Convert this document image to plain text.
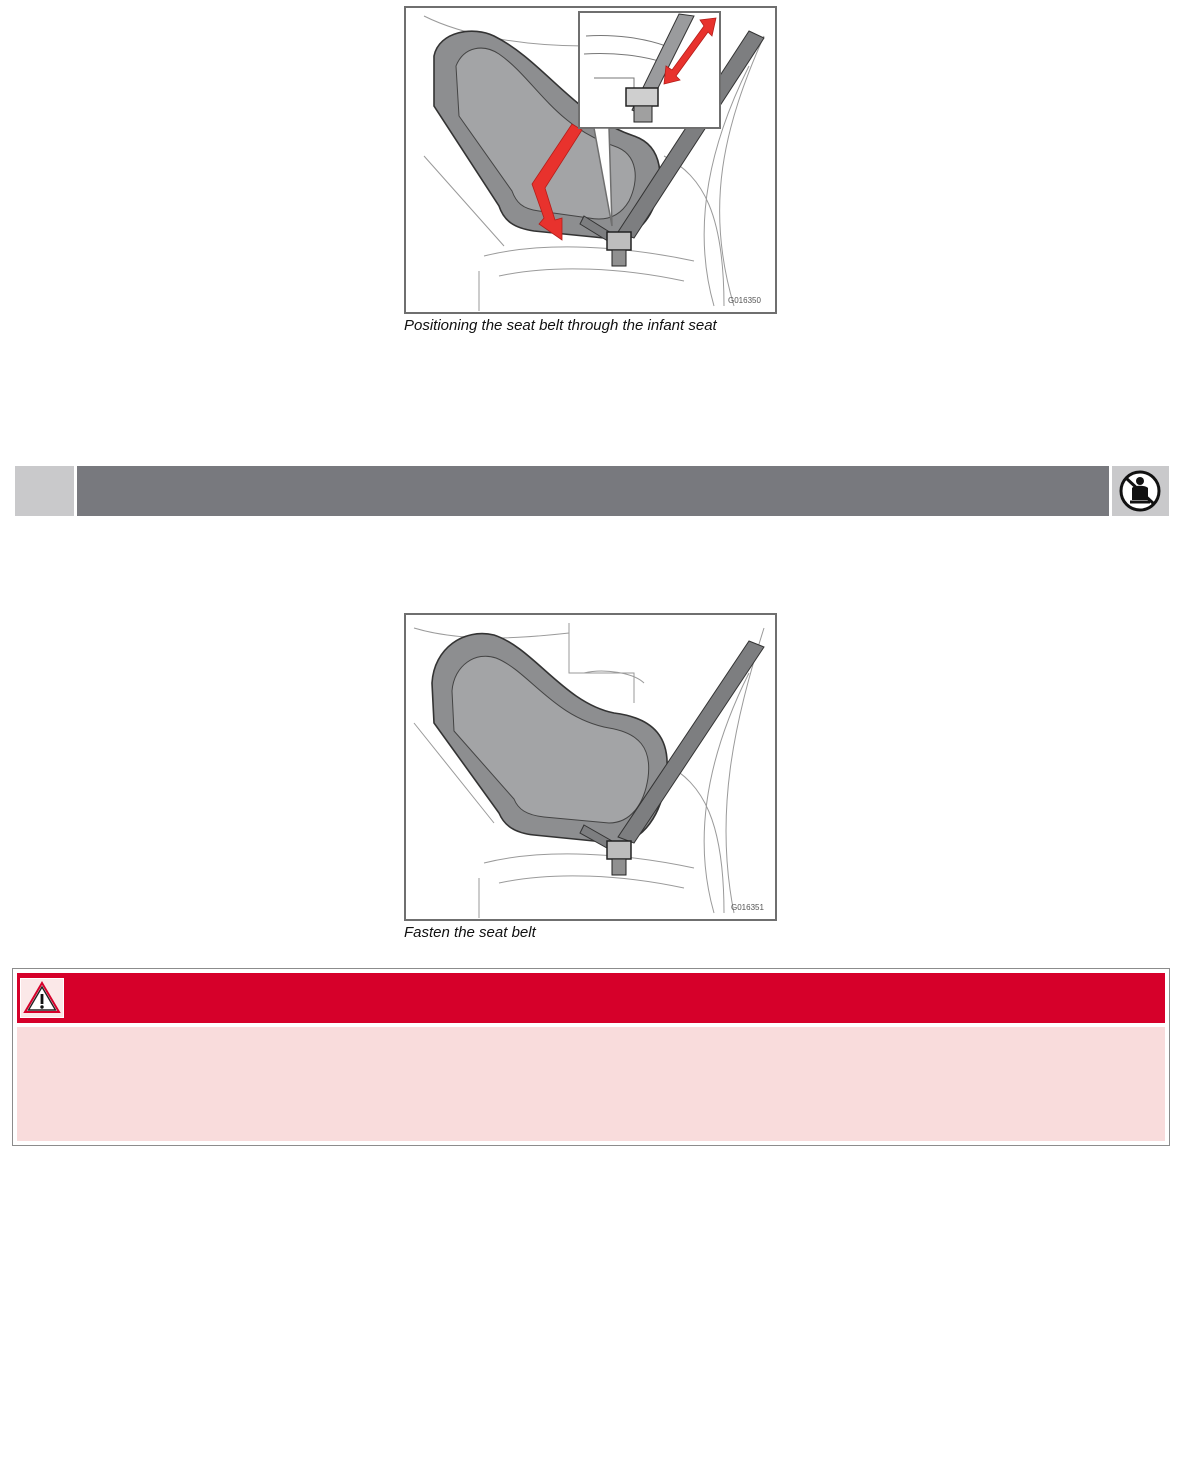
G016350
Positioning the seat belt through the infant seat
G016351
Fasten the seat belt
